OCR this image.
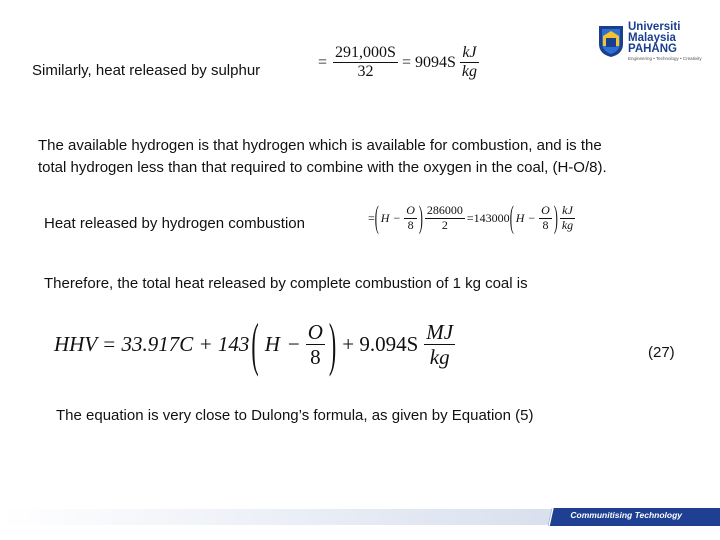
Universiti
Malaysia
PAHANG
Engineering • Technology • Creativity
Similarly, heat released by sulphur	= $\frac{291,000S}{32} = 9094S \frac{kJ}{kg}$
The available hydrogen is that hydrogen which is available for combustion, and is the
total hydrogen less than that required to combine with the oxygen in the coal, (H-O/8).
Heat released by hydrogen combustion	= ( $H - \frac{O}{8}$ ) $\frac{286000}{2} =143000$ ( $H - \frac{O}{8}$ ) $\frac{kJ}{kg}$
Therefore, the total heat released by complete combustion of 1 kg coal is
HHV = 33.917C + 143 ( $H - \frac{O}{8}$ ) + $9.094S \frac{MJ}{kg}$	(27)
The equation is very close to Dulong’s formula, as given by Equation (5)
Communitising Technology
